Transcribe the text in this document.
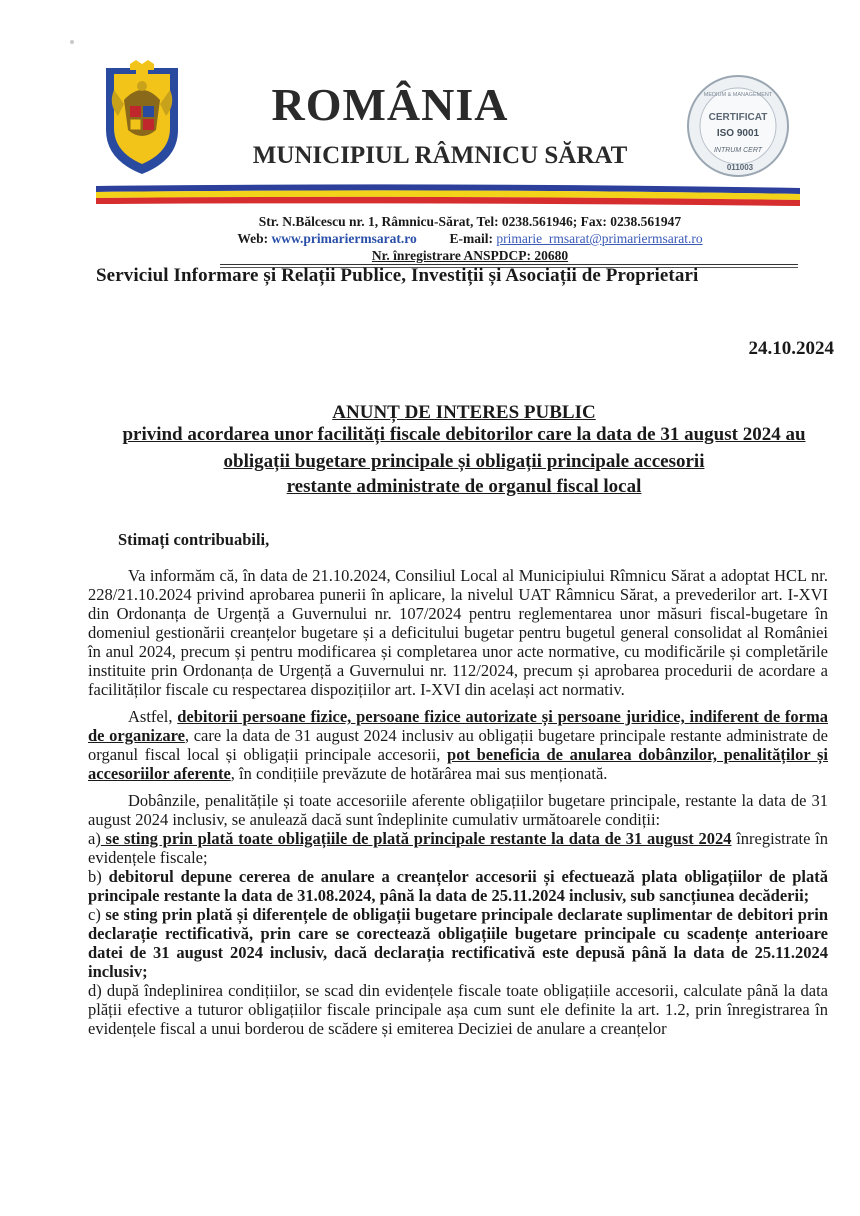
ROMÂNIA
MUNICIPIUL RÂMNICU SĂRAT
MEDIUM & MANAGEMENT
CERTIFICAT
ISO 9001
INTRUM CERT
011003
Str. N.Bălcescu nr. 1, Râmnicu-Sărat, Tel: 0238.561946; Fax: 0238.561947
Web: www.primariermsarat.ro E-mail: primarie_rmsarat@primariermsarat.ro
Nr. înregistrare ANSPDCP: 20680
Serviciul Informare și Relații Publice, Investiții și Asociații de Proprietari
24.10.2024
ANUNȚ DE INTERES PUBLIC
privind acordarea unor facilități fiscale debitorilor care la data de 31 august 2024 au
obligații bugetare principale și obligații principale accesorii
restante administrate de organul fiscal local

Stimați contribuabili,

Va informăm că, în data de 21.10.2024, Consiliul Local al Municipiului Rîmnicu Sărat a adoptat HCL nr. 228/21.10.2024 privind aprobarea punerii în aplicare, la nivelul UAT Râmnicu Sărat, a prevederilor art. I-XVI din Ordonanța de Urgență a Guvernului nr. 107/2024 pentru reglementarea unor măsuri fiscal-bugetare în domeniul gestionării creanțelor bugetare și a deficitului bugetar pentru bugetul general consolidat al României în anul 2024, precum și pentru modificarea și completarea unor acte normative, cu modificările și completările instituite prin Ordonanța de Urgență a Guvernului nr. 112/2024, precum și aprobarea procedurii de acordare a facilităților fiscale cu respectarea dispozițiilor art. I-XVI din același act normativ.

Astfel, debitorii persoane fizice, persoane fizice autorizate și persoane juridice, indiferent de forma de organizare, care la data de 31 august 2024 inclusiv au obligații bugetare principale restante administrate de organul fiscal local și obligații principale accesorii, pot beneficia de anularea dobânzilor, penalităților și accesoriilor aferente, în condițiile prevăzute de hotărârea mai sus menționată.

Dobânzile, penalitățile și toate accesoriile aferente obligațiilor bugetare principale, restante la data de 31 august 2024 inclusiv, se anulează dacă sunt îndeplinite cumulativ următoarele condiții:

a) se sting prin plată toate obligațiile de plată principale restante la data de 31 august 2024 înregistrate în evidențele fiscale;

b) debitorul depune cererea de anulare a creanțelor accesorii și efectuează plata obligațiilor de plată principale restante la data de 31.08.2024, până la data de 25.11.2024 inclusiv, sub sancțiunea decăderii;

c) se sting prin plată și diferențele de obligații bugetare principale declarate suplimentar de debitori prin declarație rectificativă, prin care se corectează obligațiile bugetare principale cu scadențe anterioare datei de 31 august 2024 inclusiv, dacă declarația rectificativă este depusă până la data de 25.11.2024 inclusiv;

d) după îndeplinirea condițiilor, se scad din evidențele fiscale toate obligațiile accesorii, calculate până la data plății efective a tuturor obligațiilor fiscale principale așa cum sunt ele definite la art. 1.2, prin înregistrarea în evidențele fiscal a unui borderou de scădere și emiterea Deciziei de anulare a creanțelor
